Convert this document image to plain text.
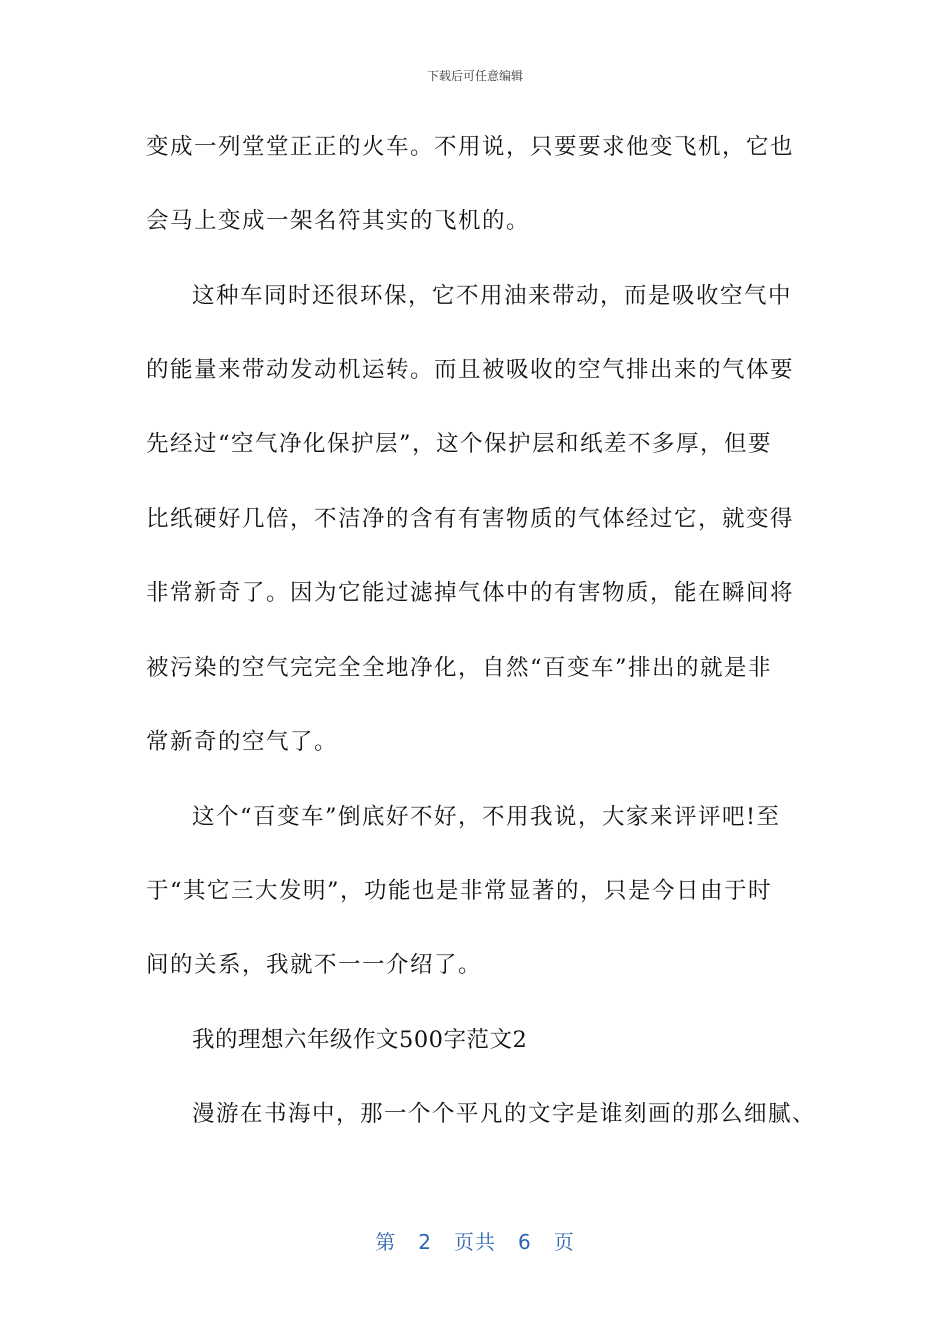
下载后可任意编辑
变成一列堂堂正正的火车。不用说，只要要求他变飞机，它也
会马上变成一架名符其实的飞机的。
这种车同时还很环保，它不用油来带动，而是吸收空气中
的能量来带动发动机运转。而且被吸收的空气排出来的气体要
先经过“空气净化保护层”，这个保护层和纸差不多厚，但要
比纸硬好几倍，不洁净的含有有害物质的气体经过它，就变得
非常新奇了。因为它能过滤掉气体中的有害物质，能在瞬间将
被污染的空气完完全全地净化，自然“百变车”排出的就是非
常新奇的空气了。
这个“百变车”倒底好不好，不用我说，大家来评评吧!至
于“其它三大发明”，功能也是非常显著的，只是今日由于时
间的关系，我就不一一介绍了。
我的理想六年级作文500字范文2
漫游在书海中，那一个个平凡的文字是谁刻画的那么细腻、
第 2 页共 6 页
